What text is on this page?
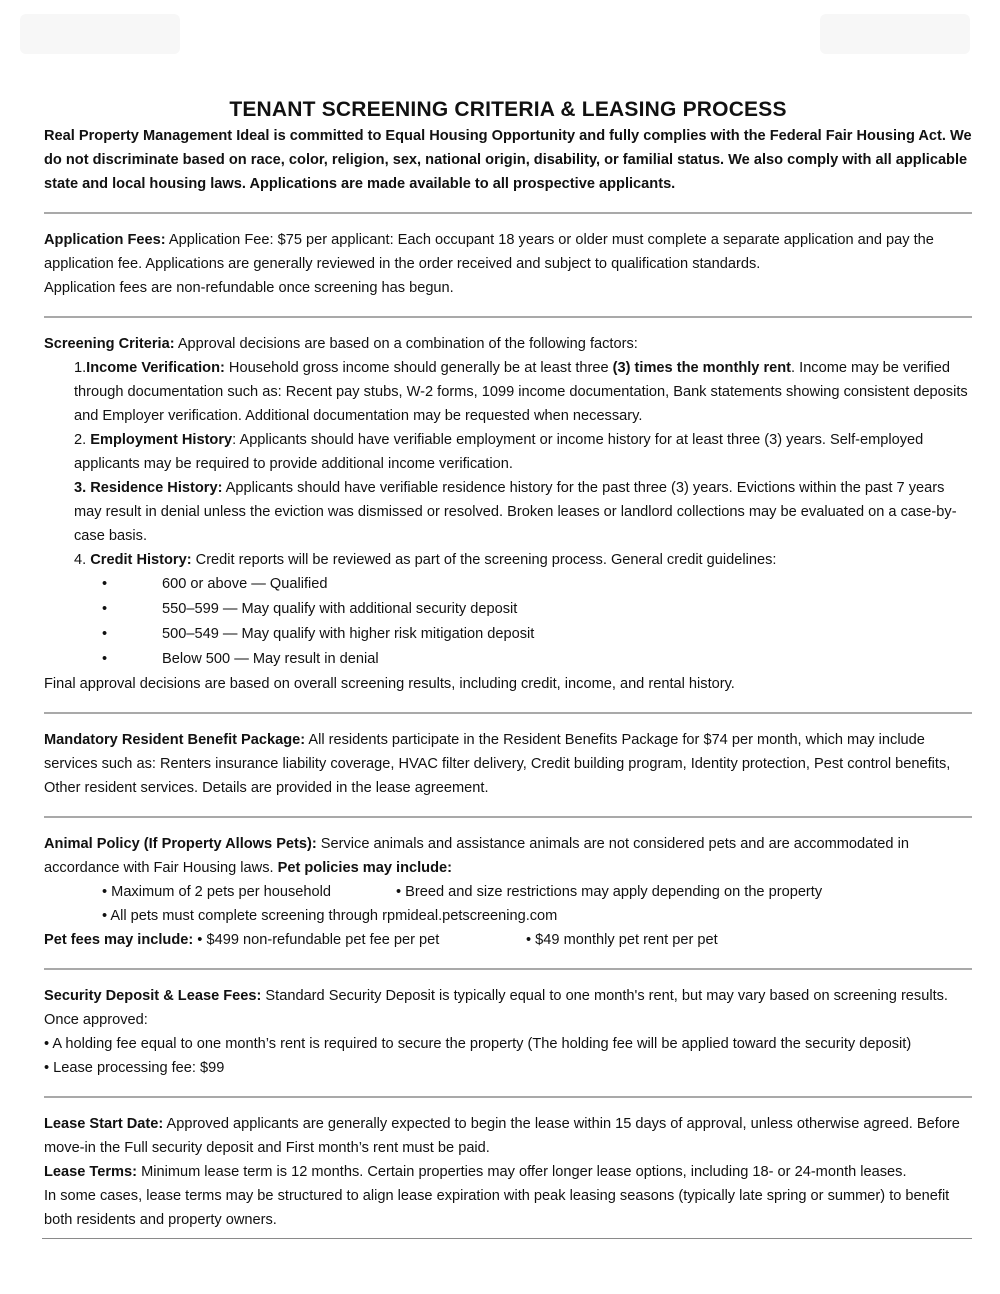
TENANT SCREENING CRITERIA & LEASING PROCESS

Real Property Management Ideal is committed to Equal Housing Opportunity and fully complies with the Federal Fair Housing Act. We do not discriminate based on race, color, religion, sex, national origin, disability, or familial status. We also comply with all applicable state and local housing laws. Applications are made available to all prospective applicants.

Application Fees: Application Fee: $75 per applicant: Each occupant 18 years or older must complete a separate application and pay the application fee. Applications are generally reviewed in the order received and subject to qualification standards.

Application fees are non-refundable once screening has begun.

Screening Criteria: Approval decisions are based on a combination of the following factors:

1.Income Verification: Household gross income should generally be at least three (3) times the monthly rent. Income may be verified through documentation such as: Recent pay stubs, W-2 forms, 1099 income documentation, Bank statements showing consistent deposits and Employer verification. Additional documentation may be requested when necessary.

2. Employment History: Applicants should have verifiable employment or income history for at least three (3) years. Self-employed applicants may be required to provide additional income verification.

3. Residence History: Applicants should have verifiable residence history for the past three (3) years. Evictions within the past 7 years may result in denial unless the eviction was dismissed or resolved. Broken leases or landlord collections may be evaluated on a case-by-case basis.

4. Credit History: Credit reports will be reviewed as part of the screening process. General credit guidelines:

•	600 or above — Qualified
•	550–599 — May qualify with additional security deposit
•	500–549 — May qualify with higher risk mitigation deposit
•	Below 500 — May result in denial

Final approval decisions are based on overall screening results, including credit, income, and rental history.

Mandatory Resident Benefit Package: All residents participate in the Resident Benefits Package for $74 per month, which may include services such as: Renters insurance liability coverage, HVAC filter delivery, Credit building program, Identity protection, Pest control benefits, Other resident services. Details are provided in the lease agreement.

Animal Policy (If Property Allows Pets): Service animals and assistance animals are not considered pets and are accommodated in accordance with Fair Housing laws. Pet policies may include:

• Maximum of 2 pets per household	• Breed and size restrictions may apply depending on the property
• All pets must complete screening through rpmideal.petscreening.com
Pet fees may include: • $499 non-refundable pet fee per pet	• $49 monthly pet rent per pet

Security Deposit & Lease Fees: Standard Security Deposit is typically equal to one month's rent, but may vary based on screening results. Once approved:

• A holding fee equal to one month’s rent is required to secure the property (The holding fee will be applied toward the security deposit)

• Lease processing fee: $99

Lease Start Date: Approved applicants are generally expected to begin the lease within 15 days of approval, unless otherwise agreed. Before move-in the Full security deposit and First month’s rent must be paid.

Lease Terms: Minimum lease term is 12 months. Certain properties may offer longer lease options, including 18- or 24-month leases.

In some cases, lease terms may be structured to align lease expiration with peak leasing seasons (typically late spring or summer) to benefit both residents and property owners.
